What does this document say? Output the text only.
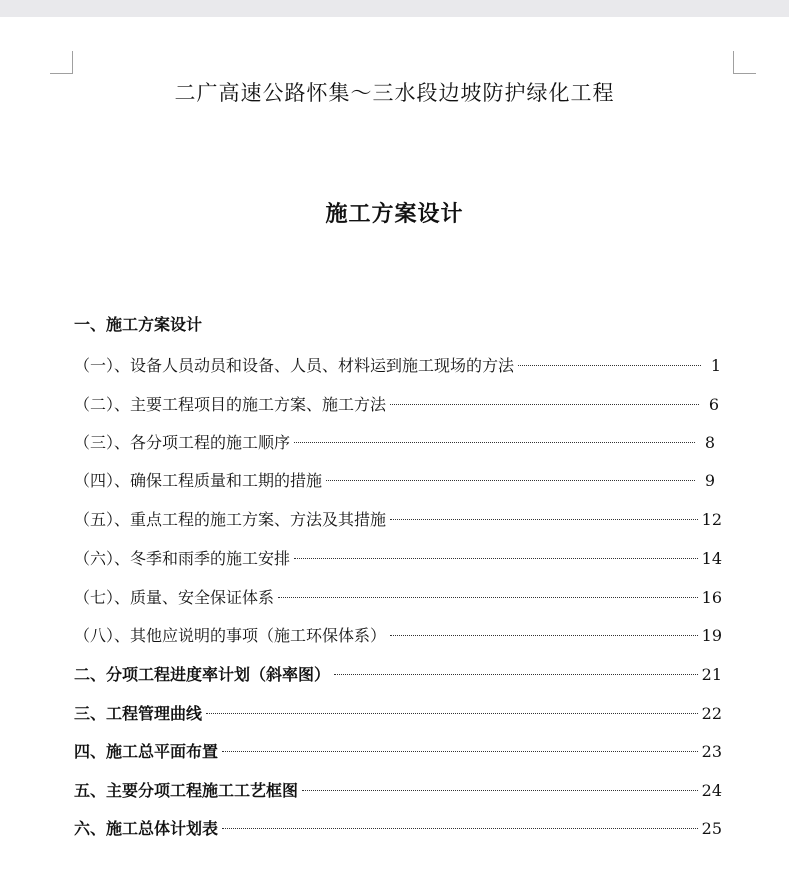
二广高速公路怀集～三水段边坡防护绿化工程
施工方案设计
一、施工方案设计
（一）、设备人员动员和设备、人员、材料运到施工现场的方法	1
（二）、主要工程项目的施工方案、施工方法	6
（三）、各分项工程的施工顺序	8
（四）、确保工程质量和工期的措施	9
（五）、重点工程的施工方案、方法及其措施	12
（六）、冬季和雨季的施工安排	14
（七）、质量、安全保证体系	16
（八）、其他应说明的事项（施工环保体系）	19
二、分项工程进度率计划（斜率图）	21
三、工程管理曲线	22
四、施工总平面布置	23
五、主要分项工程施工工艺框图	24
六、施工总体计划表	25
